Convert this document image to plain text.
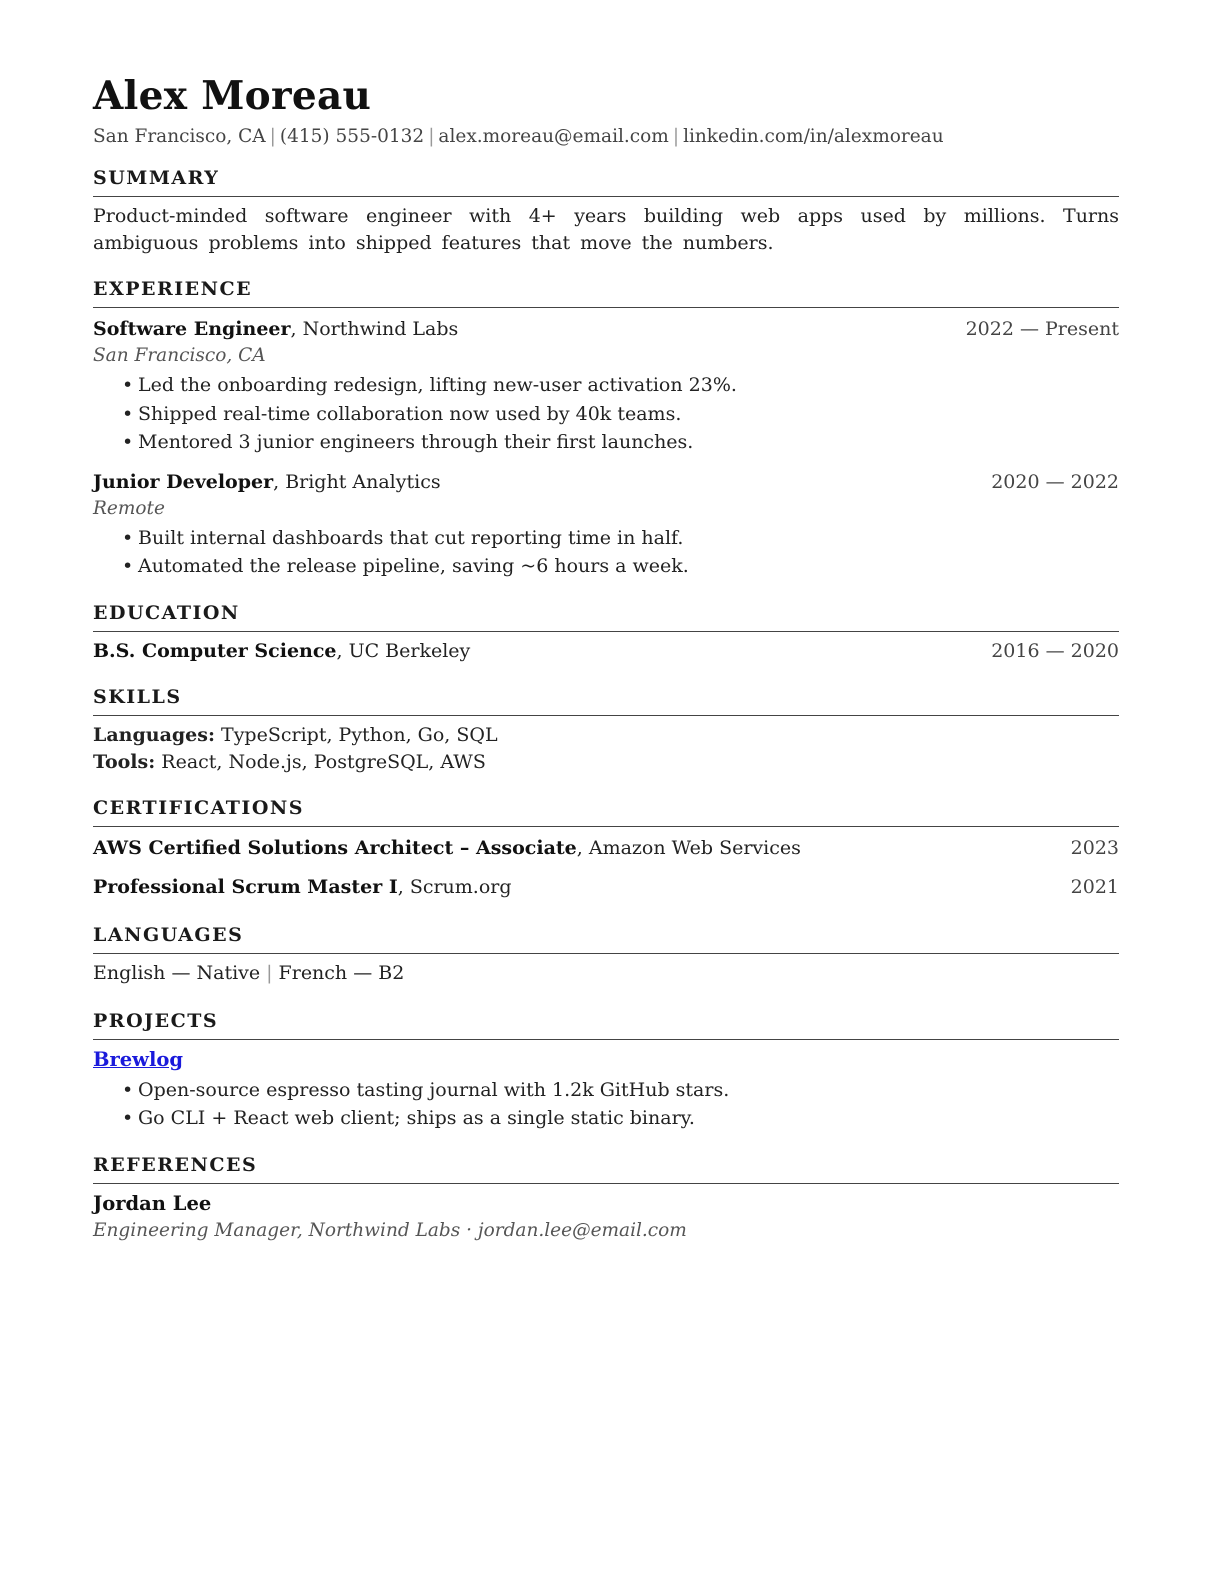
Alex Moreau
San Francisco, CA | (415) 555-0132 | alex.moreau@email.com | linkedin.com/in/alexmoreau
SUMMARY
Product-minded software engineer with 4+ years building web apps used by millions. Turns ambiguous problems into shipped features that move the numbers.
EXPERIENCE
Software Engineer, Northwind Labs	2022 — Present
San Francisco, CA
• Led the onboarding redesign, lifting new-user activation 23%.
• Shipped real-time collaboration now used by 40k teams.
• Mentored 3 junior engineers through their first launches.
Junior Developer, Bright Analytics	2020 — 2022
Remote
• Built internal dashboards that cut reporting time in half.
• Automated the release pipeline, saving ~6 hours a week.
EDUCATION
B.S. Computer Science, UC Berkeley	2016 — 2020
SKILLS
Languages: TypeScript, Python, Go, SQL
Tools: React, Node.js, PostgreSQL, AWS
CERTIFICATIONS
AWS Certified Solutions Architect – Associate, Amazon Web Services	2023
Professional Scrum Master I, Scrum.org	2021
LANGUAGES
English — Native | French — B2
PROJECTS
Brewlog
• Open-source espresso tasting journal with 1.2k GitHub stars.
• Go CLI + React web client; ships as a single static binary.
REFERENCES
Jordan Lee
Engineering Manager, Northwind Labs · jordan.lee@email.com
